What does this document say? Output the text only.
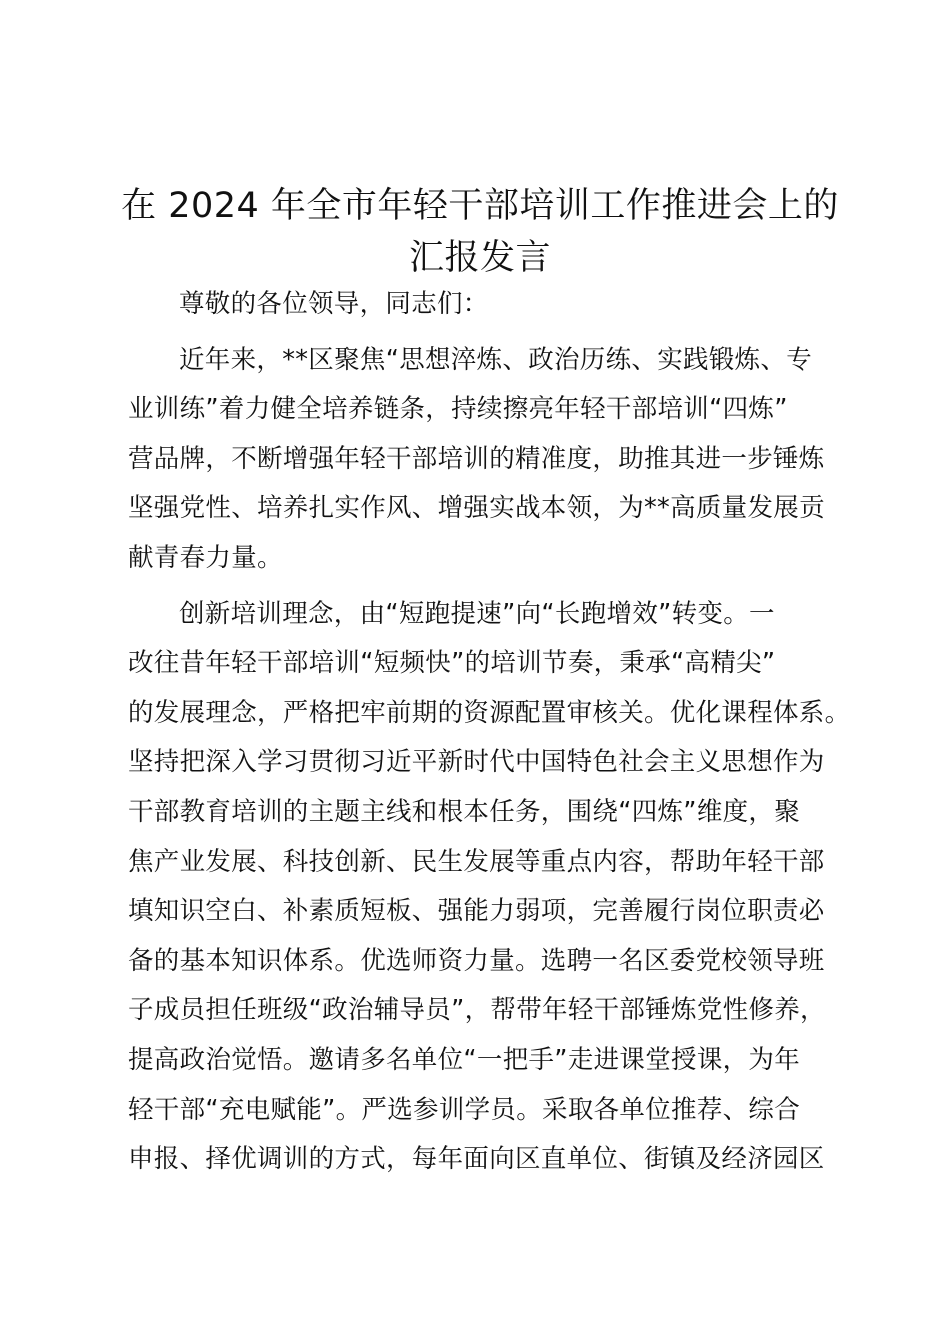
在 2024 年全市年轻干部培训工作推进会上的
汇报发言

尊敬的各位领导，同志们：

近年来，**区聚焦“思想淬炼、政治历练、实践锻炼、专
业训练”着力健全培养链条，持续擦亮年轻干部培训“四炼”
营品牌，不断增强年轻干部培训的精准度，助推其进一步锤炼
坚强党性、培养扎实作风、增强实战本领，为**高质量发展贡
献青春力量。

创新培训理念，由“短跑提速”向“长跑增效”转变。一
改往昔年轻干部培训“短频快”的培训节奏，秉承“高精尖”
的发展理念，严格把牢前期的资源配置审核关。优化课程体系。
坚持把深入学习贯彻习近平新时代中国特色社会主义思想作为
干部教育培训的主题主线和根本任务，围绕“四炼”维度，聚
焦产业发展、科技创新、民生发展等重点内容，帮助年轻干部
填知识空白、补素质短板、强能力弱项，完善履行岗位职责必
备的基本知识体系。优选师资力量。选聘一名区委党校领导班
子成员担任班级“政治辅导员”，帮带年轻干部锤炼党性修养，
提高政治觉悟。邀请多名单位“一把手”走进课堂授课，为年
轻干部“充电赋能”。严选参训学员。采取各单位推荐、综合
申报、择优调训的方式，每年面向区直单位、街镇及经济园区
